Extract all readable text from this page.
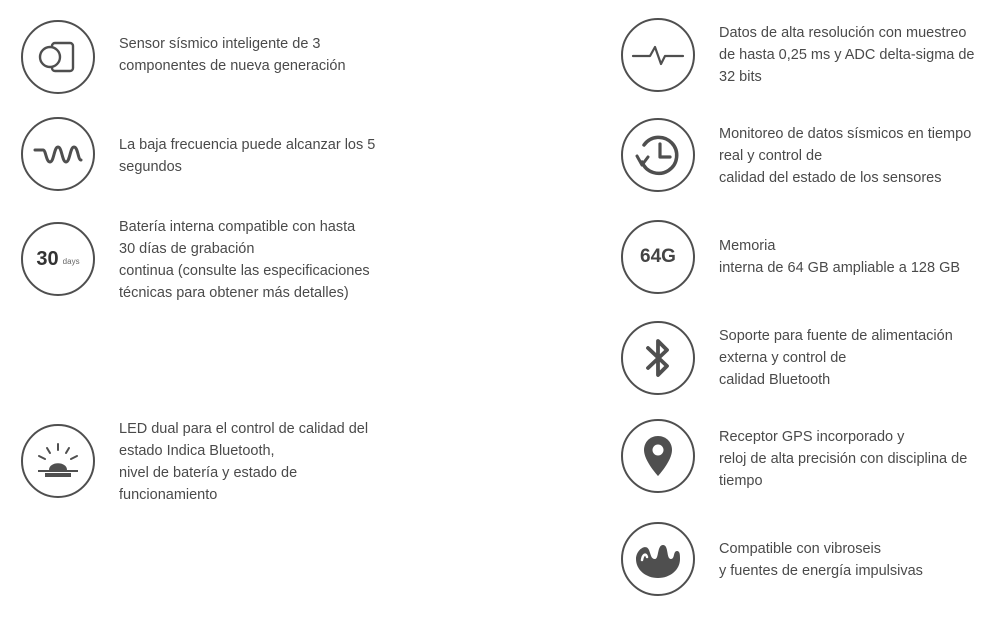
Sensor sísmico inteligente de 3
componentes de nueva generación
La baja frecuencia puede alcanzar los 5
segundos
30 days
Batería interna compatible con hasta
30 días de grabación
continua (consulte las especificaciones
técnicas para obtener más detalles)
LED dual para el control de calidad del
estado Indica Bluetooth,
nivel de batería y estado de
funcionamiento
Datos de alta resolución con muestreo
de hasta 0,25 ms y ADC delta-sigma de
32 bits
Monitoreo de datos sísmicos en tiempo
real y control de
calidad del estado de los sensores
64G	Memoria
interna de 64 GB ampliable a 128 GB
Soporte para fuente de alimentación
externa y control de
calidad Bluetooth
Receptor GPS incorporado y
reloj de alta precisión con disciplina de
tiempo
Compatible con vibroseis
y fuentes de energía impulsivas
